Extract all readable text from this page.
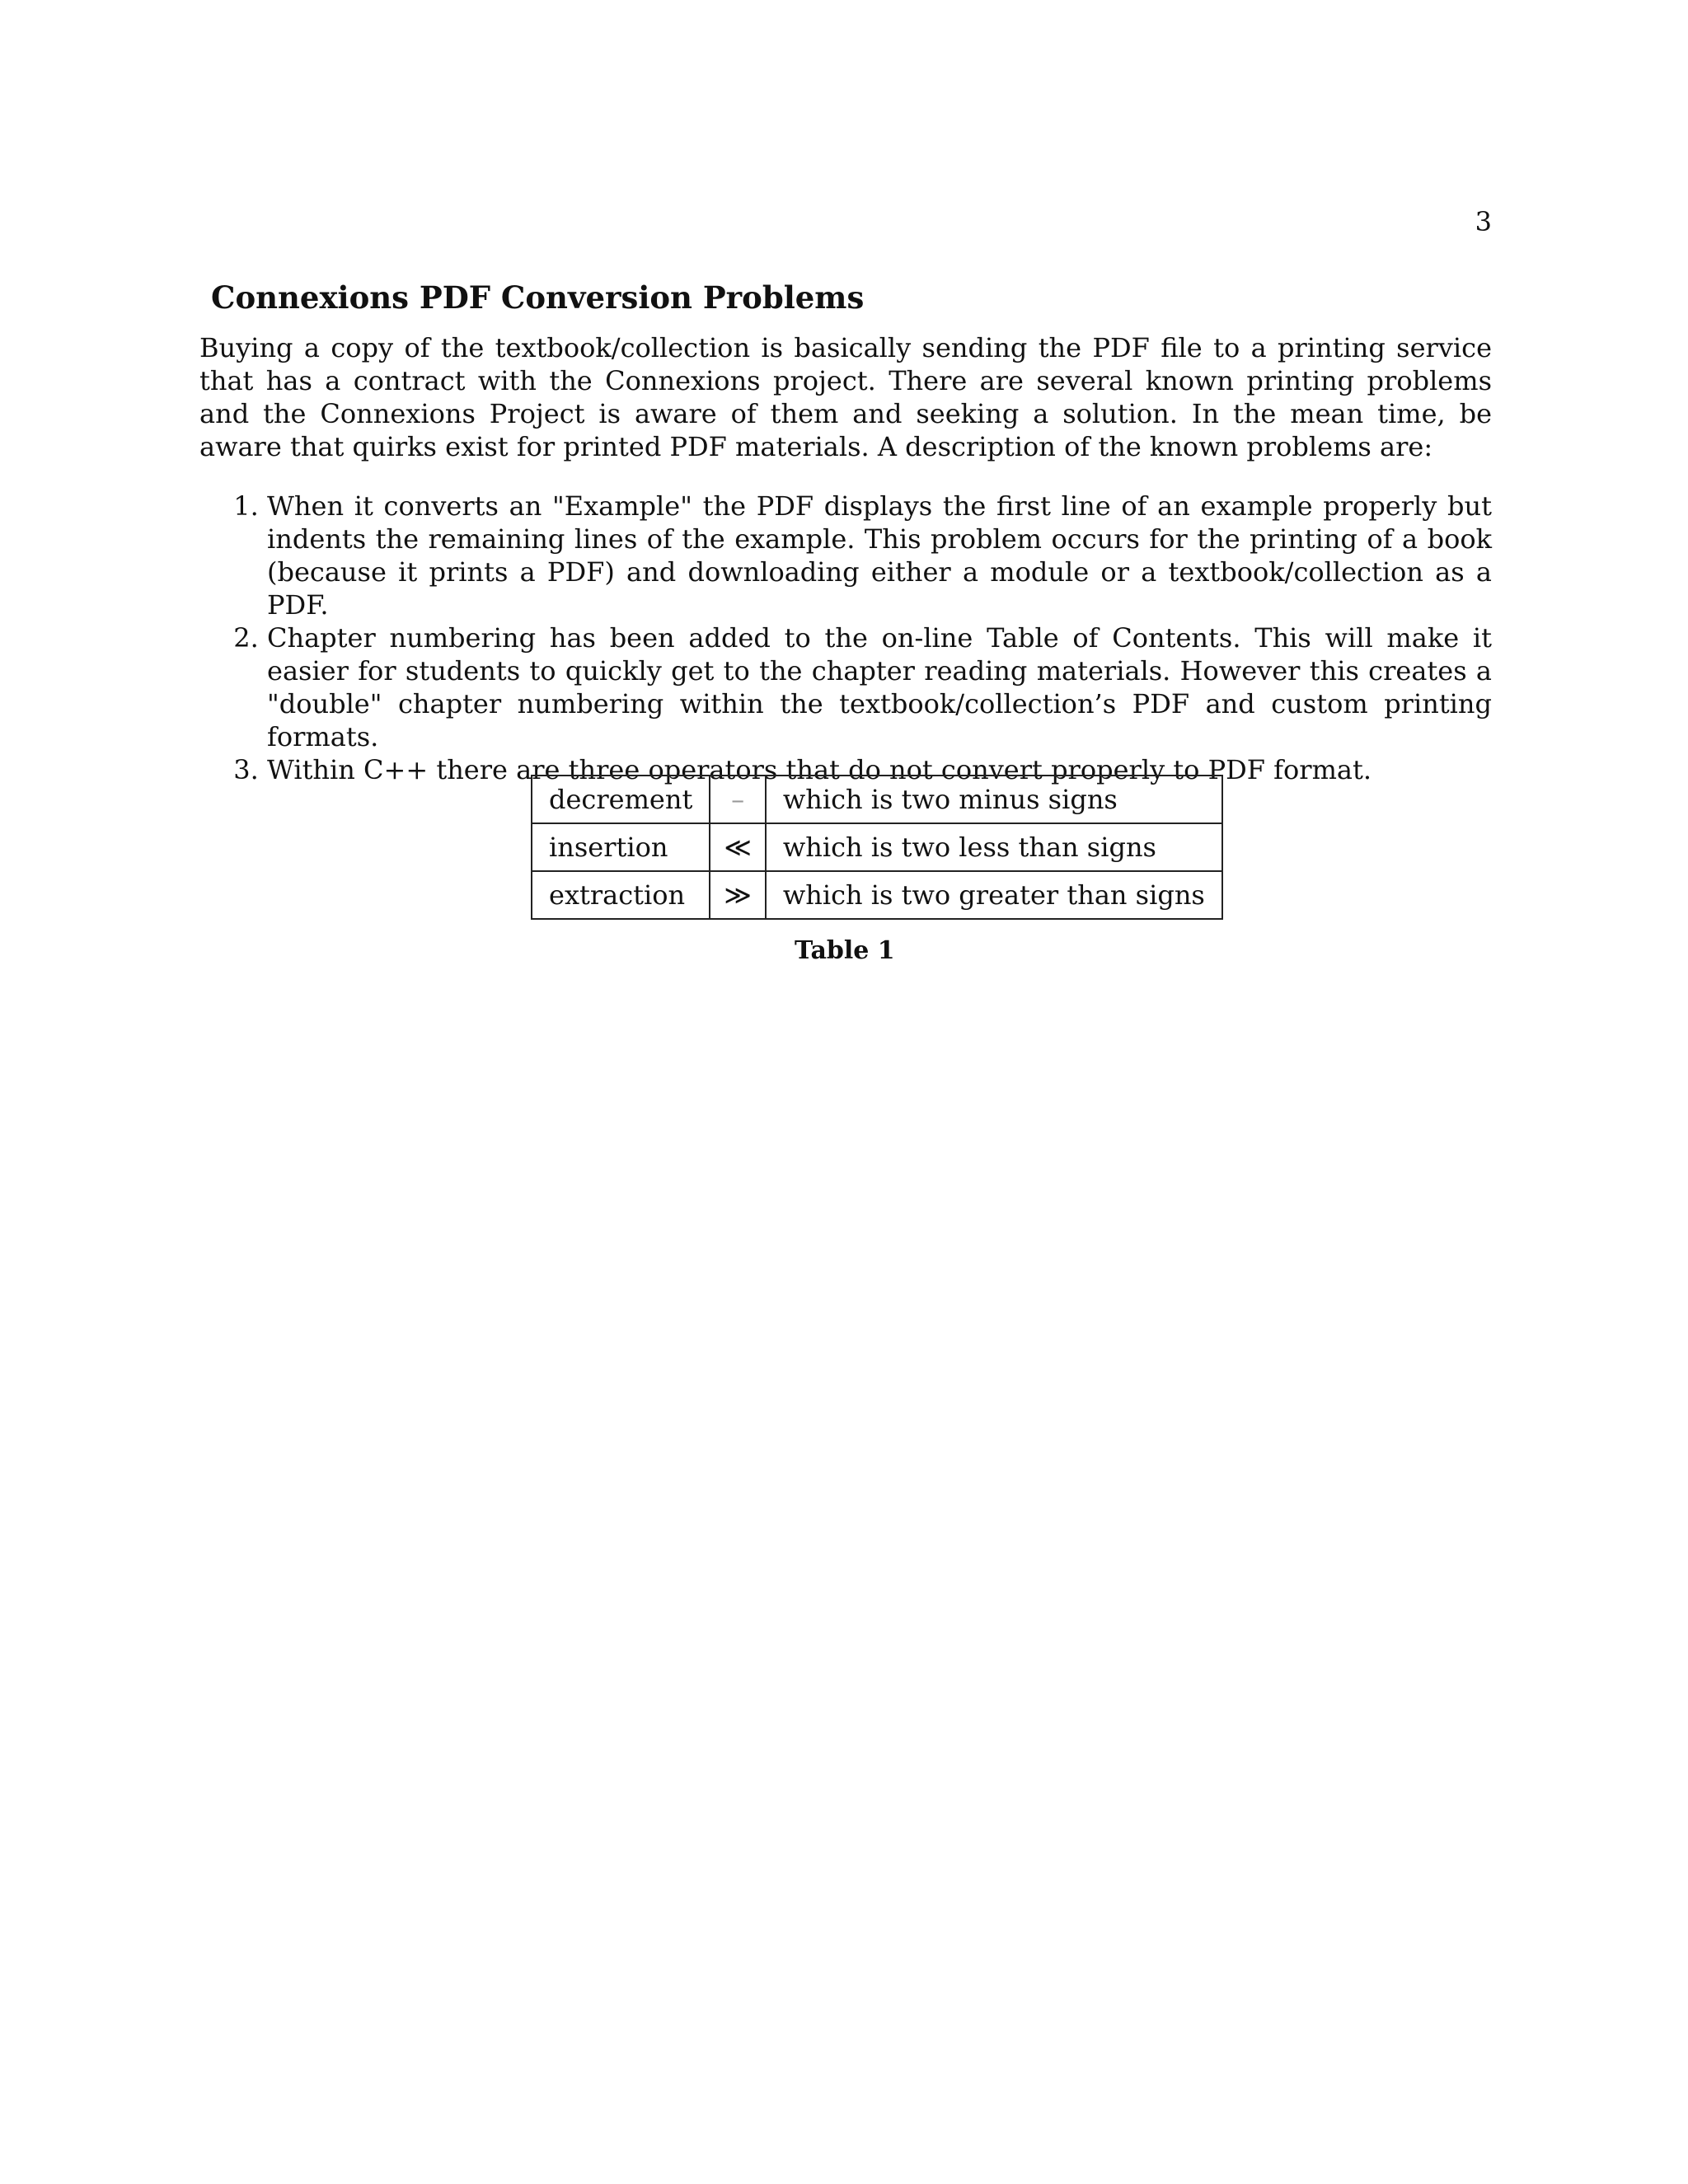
3
Connexions PDF Conversion Problems

Buying a copy of the textbook/collection is basically sending the PDF file to a printing service that has a contract with the Connexions project. There are several known printing problems and the Connexions Project is aware of them and seeking a solution. In the mean time, be aware that quirks exist for printed PDF materials. A description of the known problems are:

1. When it converts an "Example" the PDF displays the first line of an example properly but indents the remaining lines of the example. This problem occurs for the printing of a book (because it prints a PDF) and downloading either a module or a textbook/collection as a PDF.
2. Chapter numbering has been added to the on-line Table of Contents. This will make it easier for students to quickly get to the chapter reading materials. However this creates a "double" chapter numbering within the textbook/collection’s PDF and custom printing formats.
3. Within C++ there are three operators that do not convert properly to PDF format.
decrement	–	which is two minus signs
insertion	≪	which is two less than signs
extraction	≫	which is two greater than signs
Table 1
